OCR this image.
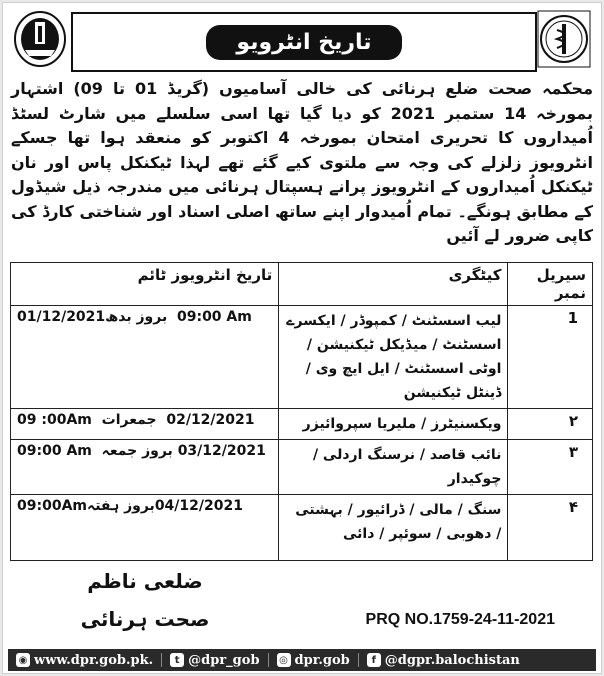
تاریخ انٹرویو
محکمہ صحت ضلع ہرنائی کی خالی آسامیوں (گریڈ 01 تا 09) اشتہار بمورخہ 14 ستمبر 2021 کو دیا گیا تھا اسی سلسلے میں شارٹ لسٹڈ اُمیداروں کا تحریری امتحان بمورخہ 4 اکتوبر کو منعقد ہوا تھا جسکے انٹرویوز زلزلے کی وجہ سے ملتوی کیے گئے تھے لہذا ٹیکنکل پاس اور نان ٹیکنکل اُمیداروں کے انٹرویوز پرانے ہسپتال ہرنائی میں مندرجہ ذیل شیڈول کے مطابق ہونگے۔ تمام اُمیدوار اپنے ساتھ اصلی اسناد اور شناختی کارڈ کی کاپی ضرور لے آئیں
تاریخ انٹرویوز ٹائم	کیٹگری	سیریل نمبر
01/12/2021بروز بدھ 09:00 Am	لیب اسسٹنٹ / کمپوڈر / ایکسرے اسسٹنٹ / میڈیکل ٹیکنیشن / اوٹی اسسٹنٹ / ایل ایچ وی / ڈینٹل ٹیکنیشن	1
09 :00Am جمعرات 02/12/2021	ویکسنیٹرز / ملیریا سپروائیزر	۲
09:00 Am بروز جمعہ 03/12/2021	نائب قاصد / نرسنگ اردلی / چوکیدار	۳
09:00Amبروز ہفتہ04/12/2021	سنگ / مالی / ڈرائیور / بہشتی / دھوبی / سوئپر / دائی	۴
ضلعی ناظم
صحت ہرنائی	PRQ NO.1759-24-11-2021
◉ www.dpr.gob.pk.	t @dpr_gob ◎ dpr.gob	f @dgpr.balochistan
